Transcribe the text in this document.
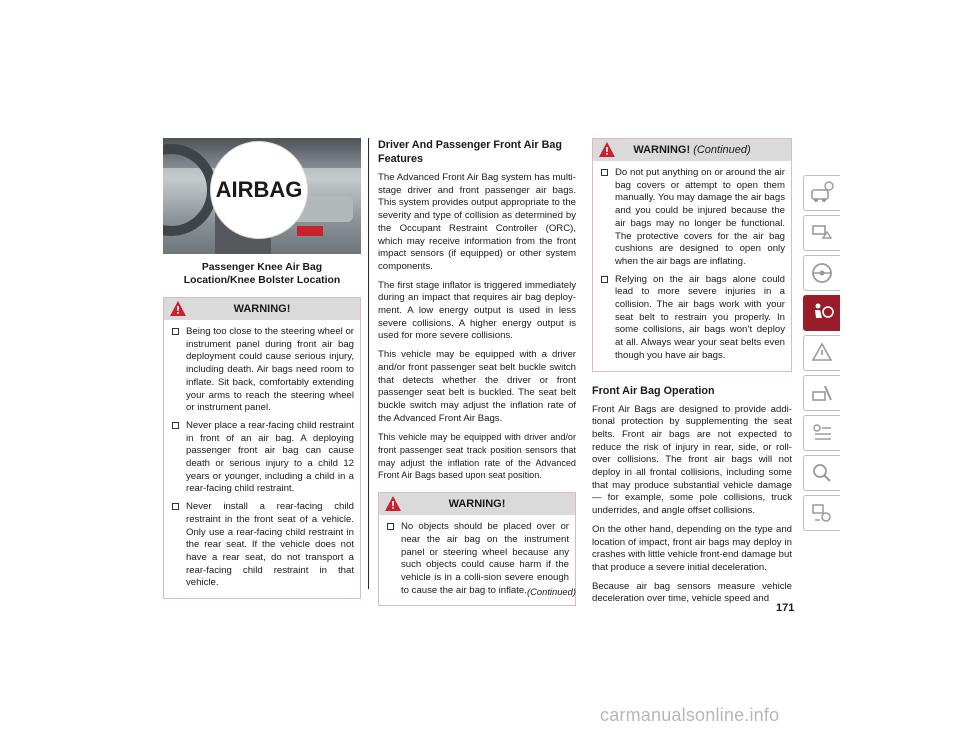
AIRBAG
Passenger Knee Air Bag Location/Knee Bolster Location
WARNING!
Being too close to the steering wheel or instrument panel during front air bag deployment could cause serious injury, including death. Air bags need room to inflate. Sit back, comfortably extending your arms to reach the steering wheel or instrument panel.
Never place a rear-facing child restraint in front of an air bag. A deploying passenger front air bag can cause death or serious injury to a child 12 years or younger, including a child in a rear-facing child restraint.
Never install a rear-facing child restraint in the front seat of a vehicle. Only use a rear-facing child restraint in the rear seat. If the vehicle does not have a rear seat, do not transport a rear-facing child restraint in that vehicle.
Driver And Passenger Front Air Bag Features

The Advanced Front Air Bag system has multi-stage driver and front passenger air bags. This system provides output appropriate to the severity and type of collision as determined by the Occupant Restraint Controller (ORC), which may receive information from the front impact sensors (if equipped) or other system components.

The first stage inflator is triggered immediately during an impact that requires air bag deploy-ment. A low energy output is used in less severe collisions. A higher energy output is used for more severe collisions.

This vehicle may be equipped with a driver and/or front passenger seat belt buckle switch that detects whether the driver or front passenger seat belt is buckled. The seat belt buckle switch may adjust the inflation rate of the Advanced Front Air Bags.

This vehicle may be equipped with driver and/or front passenger seat track position sensors that may adjust the inflation rate of the Advanced Front Air Bags based upon seat position.

WARNING!
No objects should be placed over or near the air bag on the instrument panel or steering wheel because any such objects could cause harm if the vehicle is in a colli-sion severe enough to cause the air bag to inflate. (Continued)
WARNING! (Continued)
Do not put anything on or around the air bag covers or attempt to open them manually. You may damage the air bags and you could be injured because the air bags may no longer be functional. The protective covers for the air bag cushions are designed to open only when the air bags are inflating.
Relying on the air bags alone could lead to more severe injuries in a collision. The air bags work with your seat belt to restrain you properly. In some collisions, air bags won’t deploy at all. Always wear your seat belts even though you have air bags.
Front Air Bag Operation

Front Air Bags are designed to provide addi-tional protection by supplementing the seat belts. Front air bags are not expected to reduce the risk of injury in rear, side, or roll-over collisions. The front air bags will not deploy in all frontal collisions, including some that may produce substantial vehicle damage — for example, some pole collisions, truck underrides, and angle offset collisions.

On the other hand, depending on the type and location of impact, front air bags may deploy in crashes with little vehicle front-end damage but that produce a severe initial deceleration.

Because air bag sensors measure vehicle deceleration over time, vehicle speed and

171
carmanualsonline.info
